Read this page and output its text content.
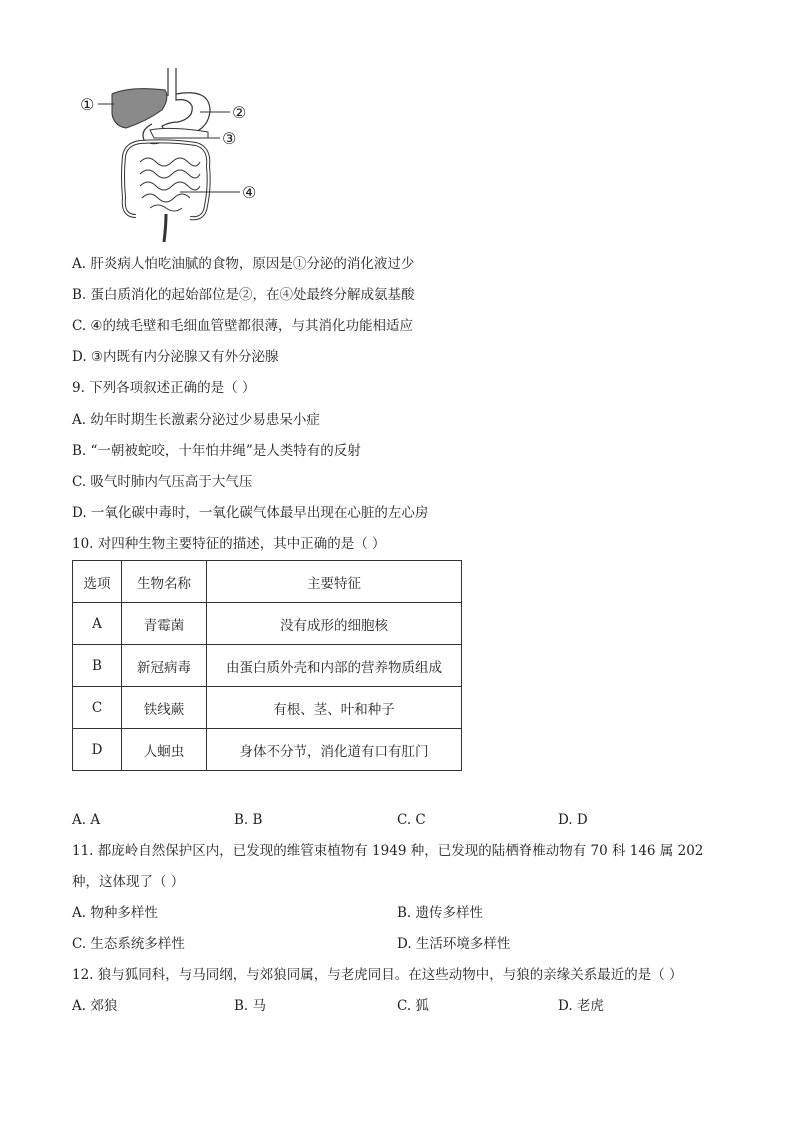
①	②
③
④
A. 肝炎病人怕吃油腻的食物，原因是①分泌的消化液过少
B. 蛋白质消化的起始部位是②，在④处最终分解成氨基酸
C. ④的绒毛壁和毛细血管壁都很薄，与其消化功能相适应
D. ③内既有内分泌腺又有外分泌腺
9. 下列各项叙述正确的是（ ）
A. 幼年时期生长激素分泌过少易患呆小症
B. “一朝被蛇咬，十年怕井绳”是人类特有的反射
C. 吸气时肺内气压高于大气压
D. 一氧化碳中毒时，一氧化碳气体最早出现在心脏的左心房
10. 对四种生物主要特征的描述，其中正确的是（ ）
选项	生物名称	主要特征
A	青霉菌	没有成形的细胞核
B	新冠病毒	由蛋白质外壳和内部的营养物质组成
C	铁线蕨	有根、茎、叶和种子
D	人蛔虫	身体不分节，消化道有口有肛门
A. A	B. B	C. C	D. D
11. 都庞岭自然保护区内，已发现的维管束植物有 1949 种，已发现的陆栖脊椎动物有 70 科 146 属 202
种，这体现了（ ）
A. 物种多样性	B. 遗传多样性
C. 生态系统多样性	D. 生活环境多样性
12. 狼与狐同科，与马同纲，与郊狼同属，与老虎同目。在这些动物中，与狼的亲缘关系最近的是（ ）
A. 郊狼	B. 马	C. 狐	D. 老虎
